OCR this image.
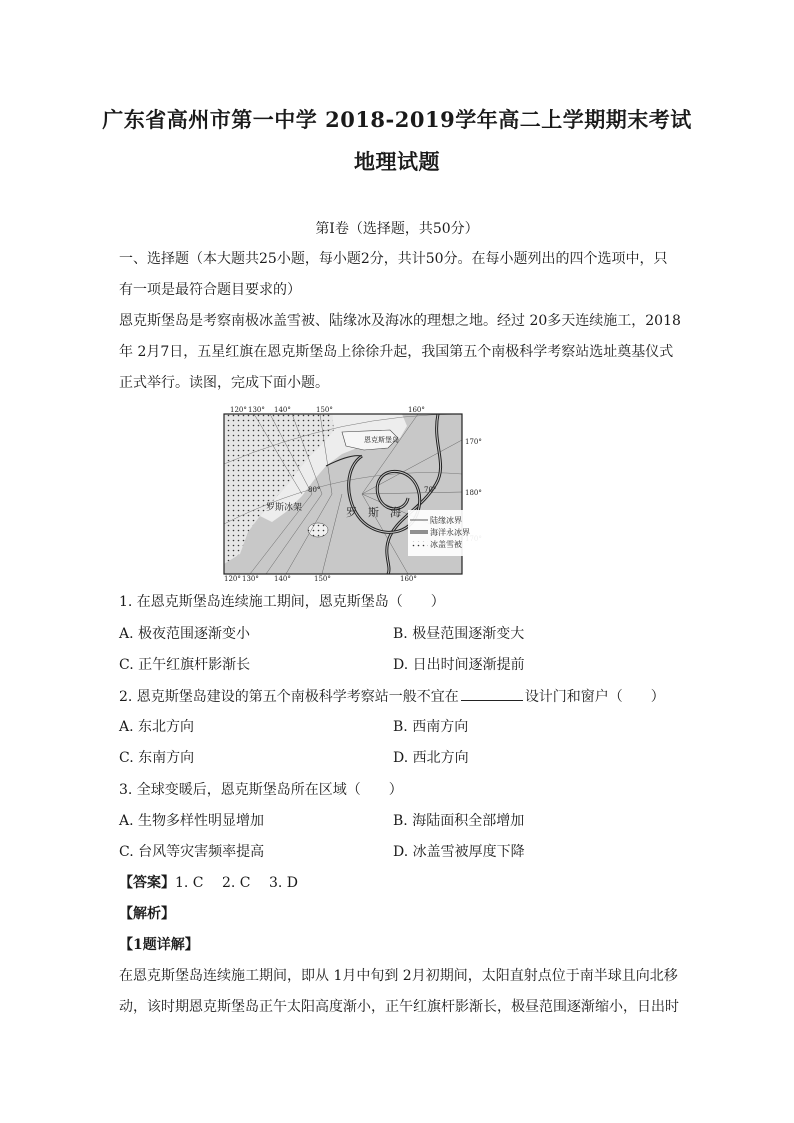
广东省高州市第一中学 2018-2019学年高二上学期期末考试
地理试题
第Ⅰ卷（选择题，共50分）
一、选择题（本大题共25小题，每小题2分，共计50分。在每小题列出的四个选项中，只
有一项是最符合题目要求的）
恩克斯堡岛是考察南极冰盖雪被、陆缘冰及海冰的理想之地。经过 20多天连续施工，2018
年 2月7日，五星红旗在恩克斯堡岛上徐徐升起，我国第五个南极科学考察站选址奠基仪式
正式举行。读图，完成下面小题。
120° 130° 140°	150°	160°
120° 130° 140°	150°	160°
170°
180°
80°	70°
恩克斯堡岛
罗斯冰架	罗　斯　海
陆缘冰界
海洋永冰界
冰盖雪被
1. 在恩克斯堡岛连续施工期间，恩克斯堡岛（　　）
A. 极夜范围逐渐变小	B. 极昼范围逐渐变大
C. 正午红旗杆影渐长	D. 日出时间逐渐提前
2. 恩克斯堡岛建设的第五个南极科学考察站一般不宜在	设计门和窗户（　　）
A. 东北方向	B. 西南方向
C. 东南方向	D. 西北方向
3. 全球变暖后，恩克斯堡岛所在区域（　　）
A. 生物多样性明显增加	B. 海陆面积全部增加
C. 台风等灾害频率提高	D. 冰盖雪被厚度下降
【答案】1. C　 2. C　 3. D
【解析】
【1题详解】
在恩克斯堡岛连续施工期间，即从 1月中旬到 2月初期间，太阳直射点位于南半球且向北移
动，该时期恩克斯堡岛正午太阳高度渐小，正午红旗杆影渐长，极昼范围逐渐缩小，日出时
